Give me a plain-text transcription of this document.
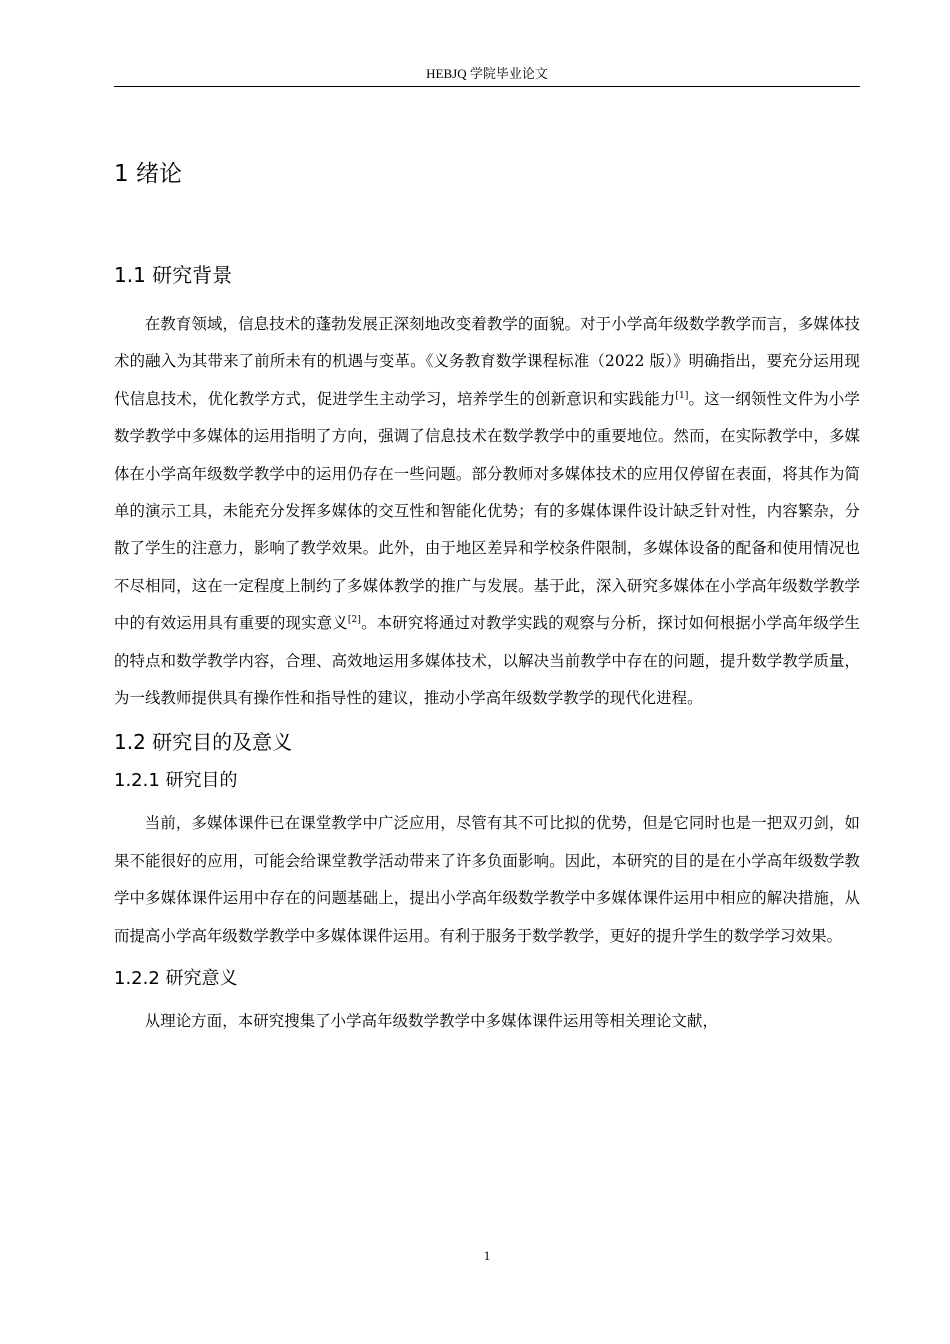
HEBJQ 学院毕业论文
1 绪论
1.1 研究背景

在教育领域，信息技术的蓬勃发展正深刻地改变着教学的面貌。对于小学高年级数学教学而言，多媒体技术的融入为其带来了前所未有的机遇与变革。《义务教育数学课程标准（2022 版）》明确指出，要充分运用现代信息技术，优化教学方式，促进学生主动学习，培养学生的创新意识和实践能力[1]。这一纲领性文件为小学数学教学中多媒体的运用指明了方向，强调了信息技术在数学教学中的重要地位。然而，在实际教学中，多媒体在小学高年级数学教学中的运用仍存在一些问题。部分教师对多媒体技术的应用仅停留在表面，将其作为简单的演示工具，未能充分发挥多媒体的交互性和智能化优势；有的多媒体课件设计缺乏针对性，内容繁杂，分散了学生的注意力，影响了教学效果。此外，由于地区差异和学校条件限制，多媒体设备的配备和使用情况也不尽相同，这在一定程度上制约了多媒体教学的推广与发展。基于此，深入研究多媒体在小学高年级数学教学中的有效运用具有重要的现实意义[2]。本研究将通过对教学实践的观察与分析，探讨如何根据小学高年级学生的特点和数学教学内容，合理、高效地运用多媒体技术，以解决当前教学中存在的问题，提升数学教学质量，为一线教师提供具有操作性和指导性的建议，推动小学高年级数学教学的现代化进程。

1.2 研究目的及意义
1.2.1 研究目的

当前，多媒体课件已在课堂教学中广泛应用，尽管有其不可比拟的优势，但是它同时也是一把双刃剑，如果不能很好的应用，可能会给课堂教学活动带来了许多负面影响。因此，本研究的目的是在小学高年级数学教学中多媒体课件运用中存在的问题基础上，提出小学高年级数学教学中多媒体课件运用中相应的解决措施，从而提高小学高年级数学教学中多媒体课件运用。有利于服务于数学教学，更好的提升学生的数学学习效果。

1.2.2 研究意义

从理论方面，本研究搜集了小学高年级数学教学中多媒体课件运用等相关理论文献，

1
